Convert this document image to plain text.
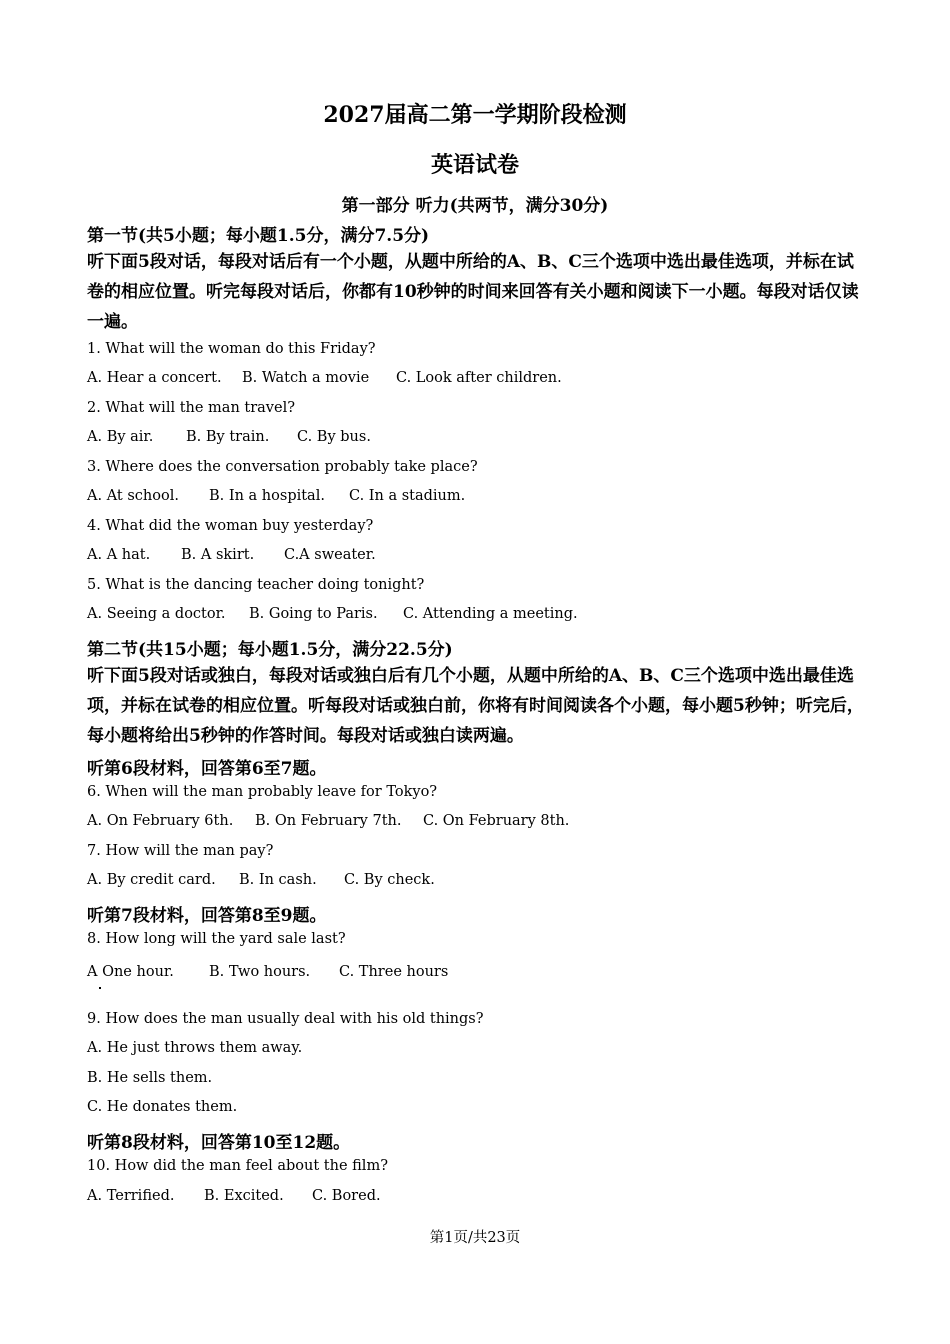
2027届高二第一学期阶段检测
英语试卷
第一部分 听力(共两节，满分30分)
第一节(共5小题；每小题1.5分，满分7.5分)
听下面5段对话，每段对话后有一个小题，从题中所给的A、B、C三个选项中选出最佳选项，并标在试卷的相应位置。听完每段对话后，你都有10秒钟的时间来回答有关小题和阅读下一小题。每段对话仅读一遍。
1. What will the woman do this Friday?
A. Hear a concert. B. Watch a movie C. Look after children.
2. What will the man travel?
A. By air. B. By train. C. By bus.
3. Where does the conversation probably take place?
A. At school. B. In a hospital. C. In a stadium.
4. What did the woman buy yesterday?
A. A hat. B. A skirt. C.A sweater.
5. What is the dancing teacher doing tonight?
A. Seeing a doctor. B. Going to Paris. C. Attending a meeting.
第二节(共15小题；每小题1.5分，满分22.5分)
听下面5段对话或独白，每段对话或独白后有几个小题，从题中所给的A、B、C三个选项中选出最佳选项，并标在试卷的相应位置。听每段对话或独白前，你将有时间阅读各个小题，每小题5秒钟；听完后，每小题将给出5秒钟的作答时间。每段对话或独白读两遍。
听第6段材料，回答第6至7题。
6. When will the man probably leave for Tokyo?
A. On February 6th. B. On February 7th. C. On February 8th.
7. How will the man pay?
A. By credit card. B. In cash. C. By check.
听第7段材料，回答第8至9题。
8. How long will the yard sale last?
A One hour. B. Two hours. C. Three hours
9. How does the man usually deal with his old things?
A. He just throws them away.
B. He sells them.
C. He donates them.
听第8段材料，回答第10至12题。
10. How did the man feel about the film?
A. Terrified. B. Excited. C. Bored.
第1页/共23页
